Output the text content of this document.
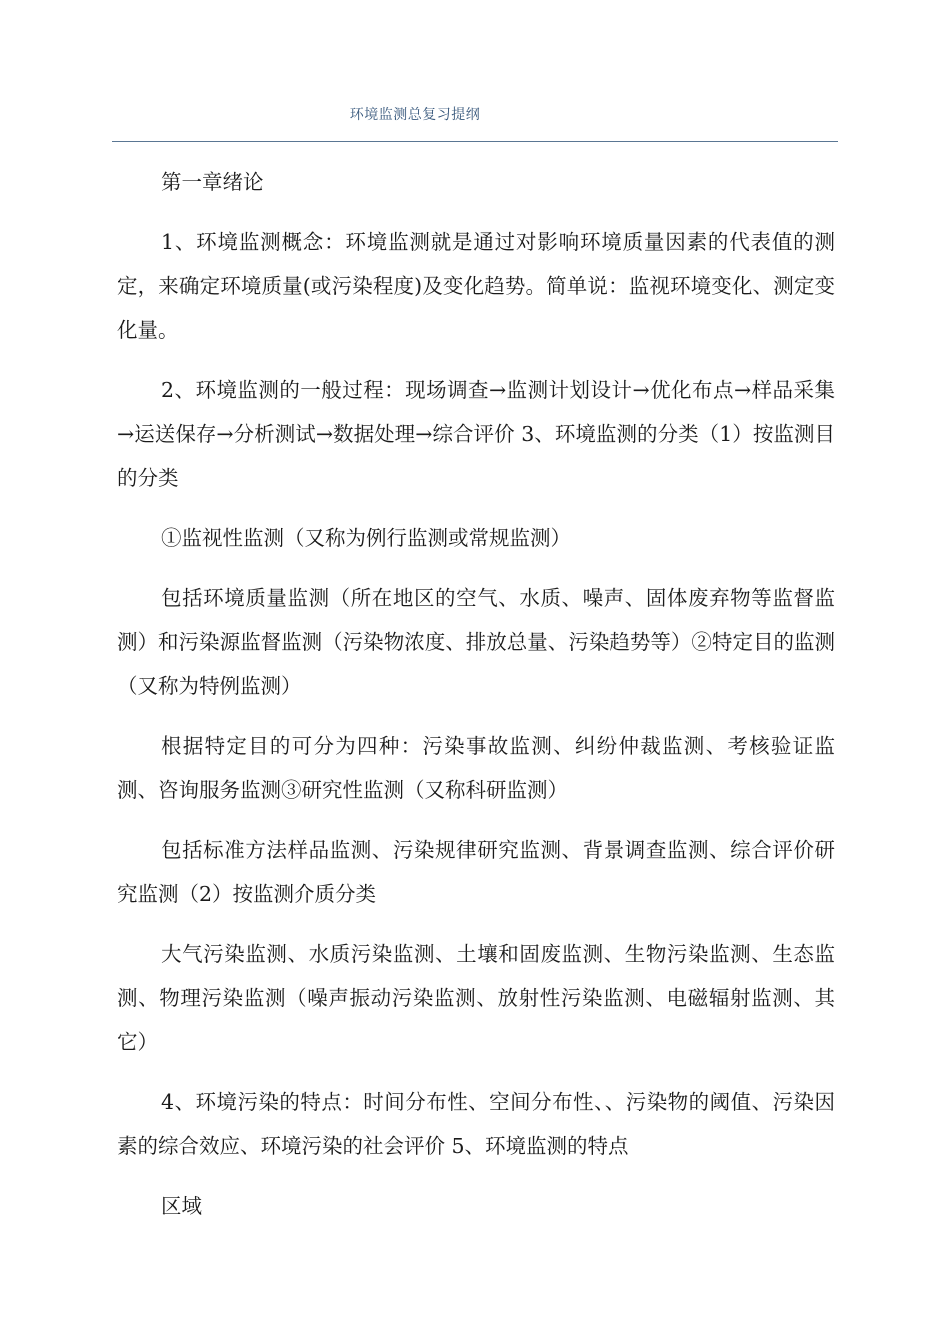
环境监测总复习提纲

第一章绪论

1、环境监测概念：环境监测就是通过对影响环境质量因素的代表值的测定，来确定环境质量(或污染程度)及变化趋势。简单说：监视环境变化、测定变化量。

2、环境监测的一般过程：现场调查→监测计划设计→优化布点→样品采集→运送保存→分析测试→数据处理→综合评价 3、环境监测的分类（1）按监测目的分类

①监视性监测（又称为例行监测或常规监测）

包括环境质量监测（所在地区的空气、水质、噪声、固体废弃物等监督监测）和污染源监督监测（污染物浓度、排放总量、污染趋势等）②特定目的监测（又称为特例监测）

根据特定目的可分为四种：污染事故监测、纠纷仲裁监测、考核验证监测、咨询服务监测③研究性监测（又称科研监测）

包括标准方法样品监测、污染规律研究监测、背景调查监测、综合评价研究监测（2）按监测介质分类

大气污染监测、水质污染监测、土壤和固废监测、生物污染监测、生态监测、物理污染监测（噪声振动污染监测、放射性污染监测、电磁辐射监测、其它）

4、环境污染的特点：时间分布性、空间分布性、、污染物的阈值、污染因素的综合效应、环境污染的社会评价 5、环境监测的特点

区域
